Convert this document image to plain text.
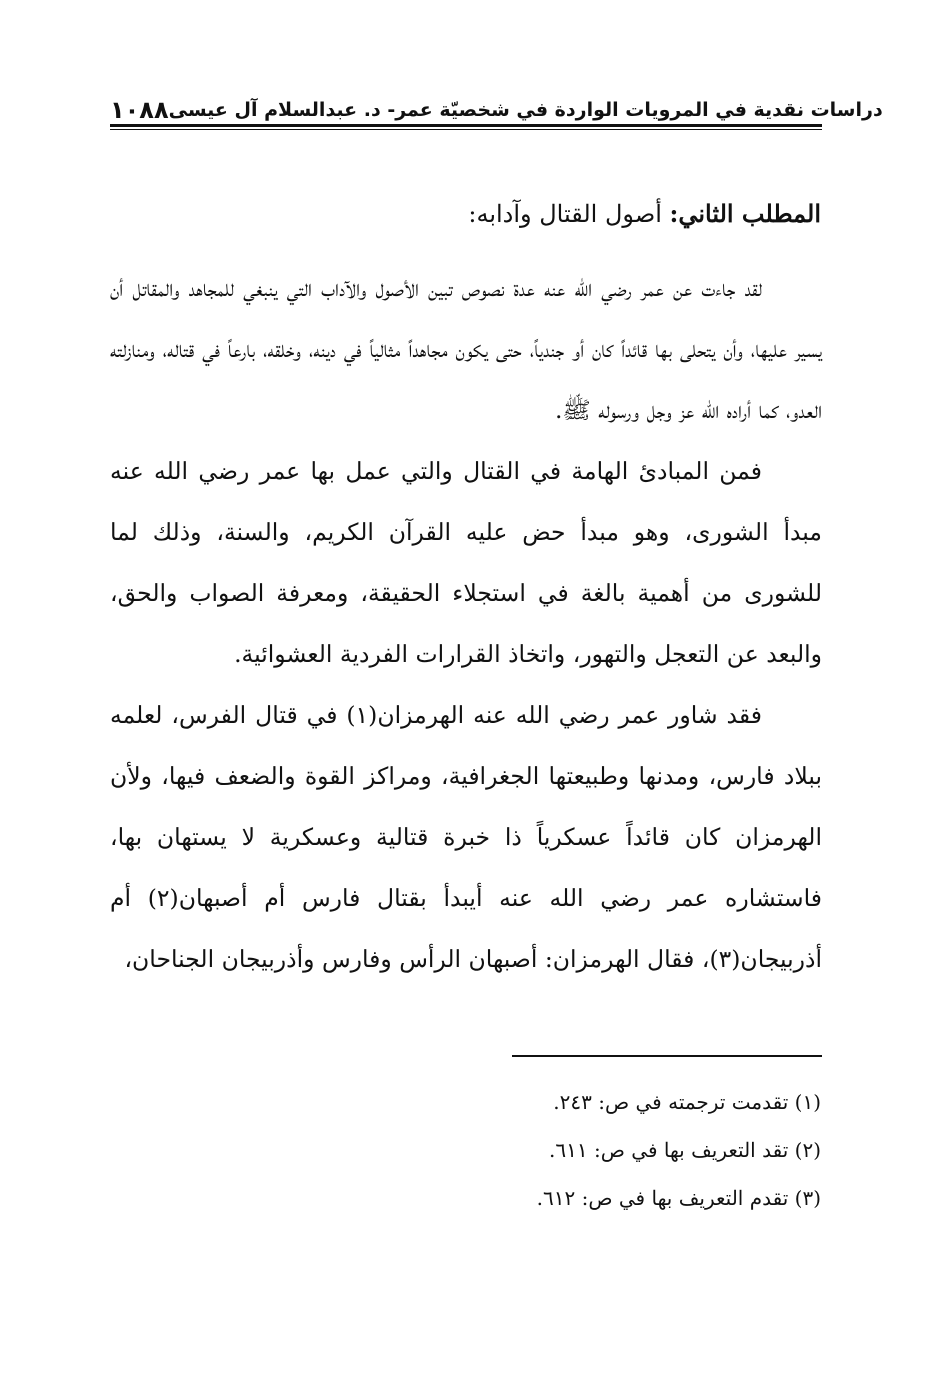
١٠٨٨ دراسات نقدية في المرويات الواردة في شخصيّة عمر- د. عبدالسلام آل عيسى
المطلب الثاني: أصول القتال وآدابه:

لقد جاءت عن عمر رضي الله عنه عدة نصوص تبين الأصول والآداب التي ينبغي للمجاهد والمقاتل أن يسير عليها، وأن يتحلى بها قائداً كان أو جندياً، حتى يكون مجاهداً مثالياً في دينه، وخلقه، بارعاً في قتاله، ومنازلته العدو، كما أراده الله عز وجل ورسوله ﷺ.

فمن المبادئ الهامة في القتال والتي عمل بها عمر رضي الله عنه مبدأ الشورى، وهو مبدأ حض عليه القرآن الكريم، والسنة، وذلك لما للشورى من أهمية بالغة في استجلاء الحقيقة، ومعرفة الصواب والحق، والبعد عن التعجل والتهور، واتخاذ القرارات الفردية العشوائية.

فقد شاور عمر رضي الله عنه الهرمزان(١) في قتال الفرس، لعلمه ببلاد فارس، ومدنها وطبيعتها الجغرافية، ومراكز القوة والضعف فيها، ولأن الهرمزان كان قائداً عسكرياً ذا خبرة قتالية وعسكرية لا يستهان بها، فاستشاره عمر رضي الله عنه أيبدأ بقتال فارس أم أصبهان(٢) أم أذربيجان(٣)، فقال الهرمزان: أصبهان الرأس وفارس وأذربيجان الجناحان،

(١) تقدمت ترجمته في ص: ٢٤٣.
(٢) تقد التعريف بها في ص: ٦١١.
(٣) تقدم التعريف بها في ص: ٦١٢.
